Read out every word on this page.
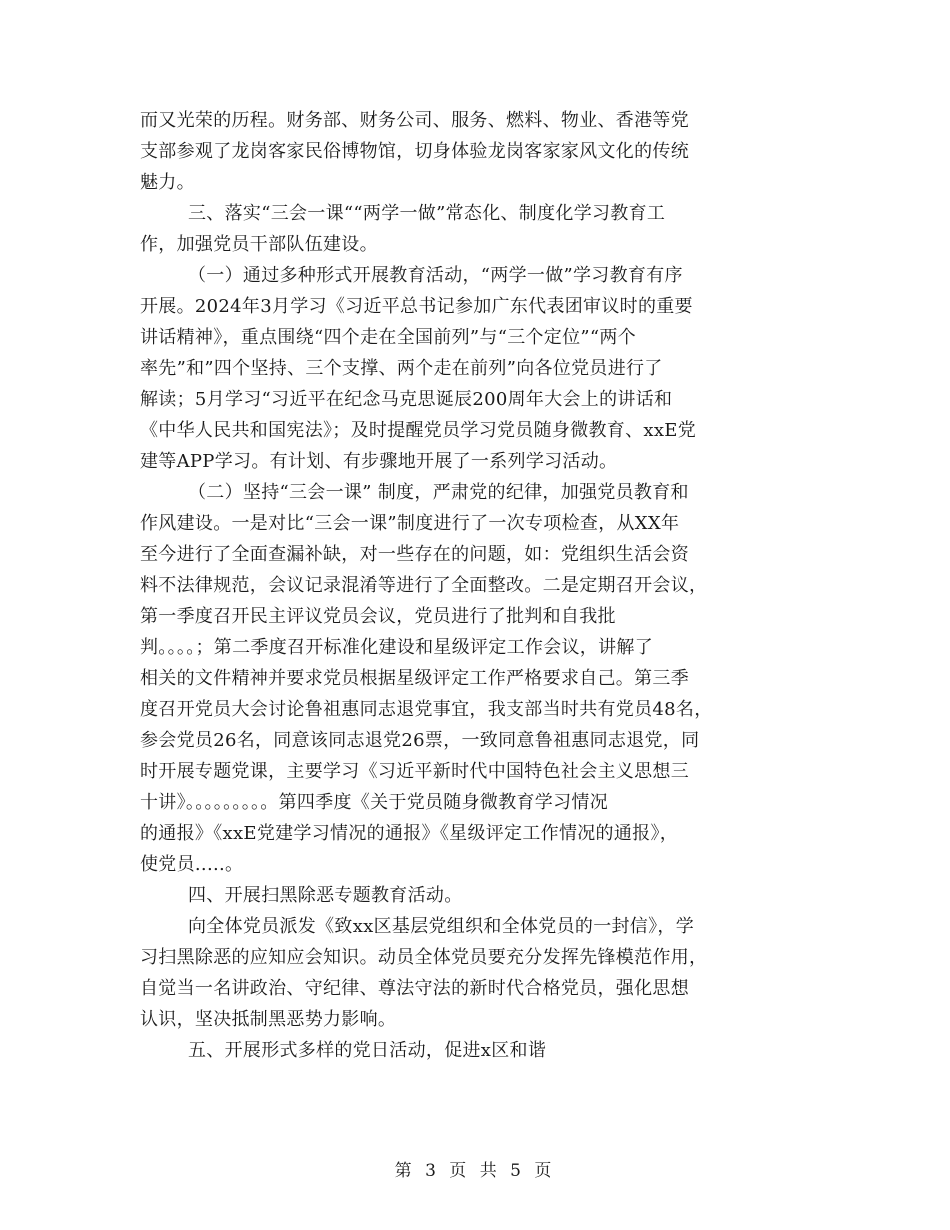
而又光荣的历程。财务部、财务公司、服务、燃料、物业、香港等党
支部参观了龙岗客家民俗博物馆，切身体验龙岗客家家风文化的传统
魅力。
三、落实“三会一课““两学一做”常态化、制度化学习教育工
作，加强党员干部队伍建设。
（一）通过多种形式开展教育活动，“两学一做”学习教育有序
开展。2024年3月学习《习近平总书记参加广东代表团审议时的重要
讲话精神》，重点围绕“四个走在全国前列”与“三个定位”“两个
率先”和”四个坚持、三个支撑、两个走在前列”向各位党员进行了
解读；5月学习“习近平在纪念马克思诞辰200周年大会上的讲话和
《中华人民共和国宪法》；及时提醒党员学习党员随身微教育、xxE党
建等APP学习。有计划、有步骤地开展了一系列学习活动。
（二）坚持“三会一课” 制度，严肃党的纪律，加强党员教育和
作风建设。一是对比“三会一课”制度进行了一次专项检查，从XX年
至今进行了全面查漏补缺，对一些存在的问题，如：党组织生活会资
料不法律规范，会议记录混淆等进行了全面整改。二是定期召开会议，
第一季度召开民主评议党员会议，党员进行了批判和自我批
判。。。。；第二季度召开标准化建设和星级评定工作会议，讲解了
相关的文件精神并要求党员根据星级评定工作严格要求自己。第三季
度召开党员大会讨论鲁祖惠同志退党事宜，我支部当时共有党员48名，
参会党员26名，同意该同志退党26票，一致同意鲁祖惠同志退党，同
时开展专题党课，主要学习《习近平新时代中国特色社会主义思想三
十讲》。。。。。。。。。第四季度《关于党员随身微教育学习情况
的通报》《xxE党建学习情况的通报》《星级评定工作情况的通报》，
使党员.....。
四、开展扫黑除恶专题教育活动。
向全体党员派发《致xx区基层党组织和全体党员的一封信》，学
习扫黑除恶的应知应会知识。动员全体党员要充分发挥先锋模范作用，
自觉当一名讲政治、守纪律、尊法守法的新时代合格党员，强化思想
认识，坚决抵制黑恶势力影响。
五、开展形式多样的党日活动，促进x区和谐
第 3 页 共 5 页
